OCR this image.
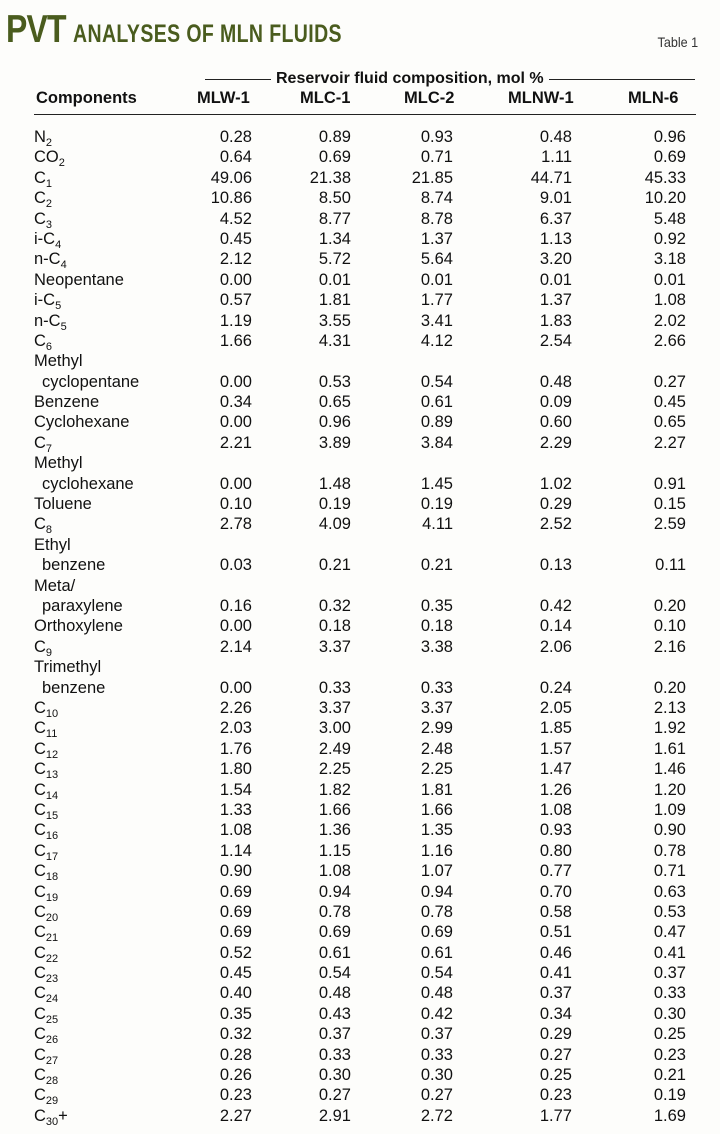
PVT ANALYSES OF MLN FLUIDS	Table 1
Reservoir fluid composition, mol %
Components	MLW-1	MLC-1	MLC-2	MLNW-1	MLN-6
$N_2$	0.28	0.89	0.93	0.48	0.96
$CO_2$	0.64	0.69	0.71	1.11	0.69
$C_1$	49.06	21.38	21.85	44.71	45.33
$C_2$	10.86	8.50	8.74	9.01	10.20
$C_3$	4.52	8.77	8.78	6.37	5.48
$i-C_4$	0.45	1.34	1.37	1.13	0.92
$n-C_4$	2.12	5.72	5.64	3.20	3.18
Neopentane	0.00	0.01	0.01	0.01	0.01
$i-C_5$	0.57	1.81	1.77	1.37	1.08
$n-C_5$	1.19	3.55	3.41	1.83	2.02
$C_6$	1.66	4.31	4.12	2.54	2.66
Methyl
cyclopentane	0.00	0.53	0.54	0.48	0.27
Benzene	0.34	0.65	0.61	0.09	0.45
Cyclohexane	0.00	0.96	0.89	0.60	0.65
$C_7$	2.21	3.89	3.84	2.29	2.27
Methyl
cyclohexane	0.00	1.48	1.45	1.02	0.91
Toluene	0.10	0.19	0.19	0.29	0.15
$C_8$	2.78	4.09	4.11	2.52	2.59
Ethyl
benzene	0.03	0.21	0.21	0.13	0.11
Meta/
paraxylene	0.16	0.32	0.35	0.42	0.20
Orthoxylene	0.00	0.18	0.18	0.14	0.10
$C_9$	2.14	3.37	3.38	2.06	2.16
Trimethyl
benzene	0.00	0.33	0.33	0.24	0.20
$C_{10}$	2.26	3.37	3.37	2.05	2.13
$C_{11}$	2.03	3.00	2.99	1.85	1.92
$C_{12}$	1.76	2.49	2.48	1.57	1.61
$C_{13}$	1.80	2.25	2.25	1.47	1.46
$C_{14}$	1.54	1.82	1.81	1.26	1.20
$C_{15}$	1.33	1.66	1.66	1.08	1.09
$C_{16}$	1.08	1.36	1.35	0.93	0.90
$C_{17}$	1.14	1.15	1.16	0.80	0.78
$C_{18}$	0.90	1.08	1.07	0.77	0.71
$C_{19}$	0.69	0.94	0.94	0.70	0.63
$C_{20}$	0.69	0.78	0.78	0.58	0.53
$C_{21}$	0.69	0.69	0.69	0.51	0.47
$C_{22}$	0.52	0.61	0.61	0.46	0.41
$C_{23}$	0.45	0.54	0.54	0.41	0.37
$C_{24}$	0.40	0.48	0.48	0.37	0.33
$C_{25}$	0.35	0.43	0.42	0.34	0.30
$C_{26}$	0.32	0.37	0.37	0.29	0.25
$C_{27}$	0.28	0.33	0.33	0.27	0.23
$C_{28}$	0.26	0.30	0.30	0.25	0.21
$C_{29}$	0.23	0.27	0.27	0.23	0.19
$C_{30}+$	2.27	2.91	2.72	1.77	1.69
